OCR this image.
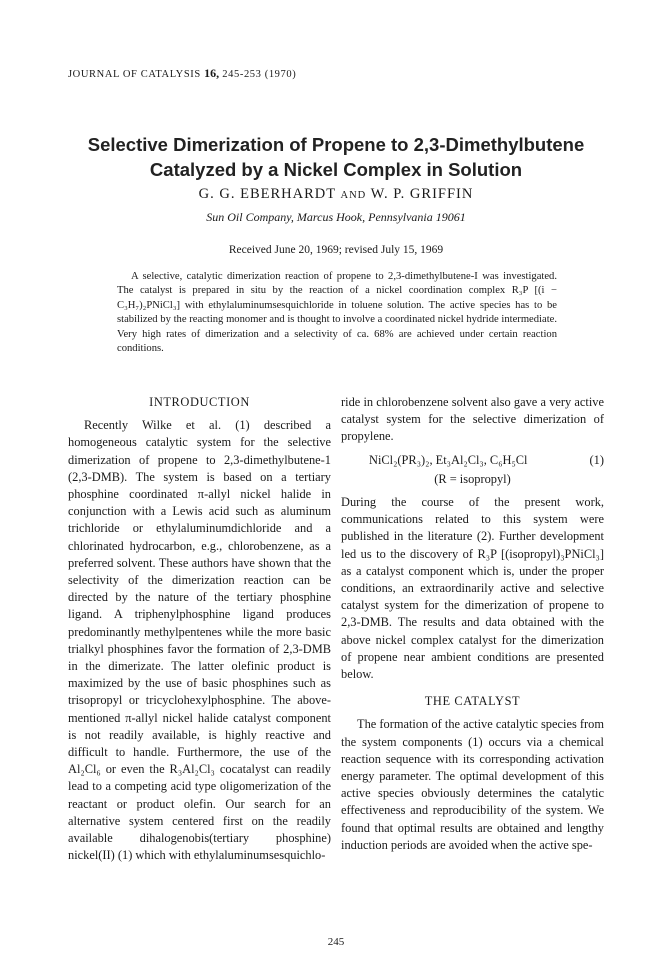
JOURNAL OF CATALYSIS 16, 245-253 (1970)
Selective Dimerization of Propene to 2,3-Dimethylbutene
Catalyzed by a Nickel Complex in Solution
G. G. EBERHARDT AND W. P. GRIFFIN
Sun Oil Company, Marcus Hook, Pennsylvania 19061
Received June 20, 1969; revised July 15, 1969

A selective, catalytic dimerization reaction of propene to 2,3-dimethylbutene-I was investigated. The catalyst is prepared in situ by the reaction of a nickel coordination complex R₃P [(i − C₃H₇)₂PNiCl₃] with ethylaluminumsesquichloride in toluene solution. The active species has to be stabilized by the reacting monomer and is thought to involve a coordinated nickel hydride intermediate. Very high rates of dimerization and a selectivity of ca. 68% are achieved under certain reaction conditions.

INTRODUCTION

Recently Wilke et al. (1) described a homogeneous catalytic system for the selective dimerization of propene to 2,3-dimethylbutene-1 (2,3-DMB). The system is based on a tertiary phosphine coordinated π-allyl nickel halide in conjunction with a Lewis acid such as aluminum trichloride or ethylaluminumdichloride and a chlorinated hydrocarbon, e.g., chlorobenzene, as a preferred solvent. These authors have shown that the selectivity of the dimerization reaction can be directed by the nature of the tertiary phosphine ligand. A triphenylphosphine ligand produces predominantly methylpentenes while the more basic trialkyl phosphines favor the formation of 2,3-DMB in the dimerizate. The latter olefinic product is maximized by the use of basic phosphines such as trisopropyl or tricyclohexylphosphine. The above-mentioned π-allyl nickel halide catalyst component is not readily available, is highly reactive and difficult to handle. Furthermore, the use of the Al₂Cl₆ or even the R₃Al₂Cl₃ cocatalyst can readily lead to a competing acid type oligomerization of the reactant or product olefin. Our search for an alternative system centered first on the readily available dihalogenobis(tertiary phosphine) nickel(II) (1) which with ethylaluminumsesquichlo-

ride in chlorobenzene solvent also gave a very active catalyst system for the selective dimerization of propylene.

NiCl₂(PR₃)₂, Et₃Al₂Cl₃, C₆H₅Cl	(1)
(R = isopropyl)

During the course of the present work, communications related to this system were published in the literature (2). Further development led us to the discovery of R₃P [(isopropyl)₃PNiCl₃] as a catalyst component which is, under the proper conditions, an extraordinarily active and selective catalyst system for the dimerization of propene to 2,3-DMB. The results and data obtained with the above nickel complex catalyst for the dimerization of propene near ambient conditions are presented below.

THE CATALYST

The formation of the active catalytic species from the system components (1) occurs via a chemical reaction sequence with its corresponding activation energy parameter. The optimal development of this active species obviously determines the catalytic effectiveness and reproducibility of the system. We found that optimal results are obtained and lengthy induction periods are avoided when the active spe-

245
